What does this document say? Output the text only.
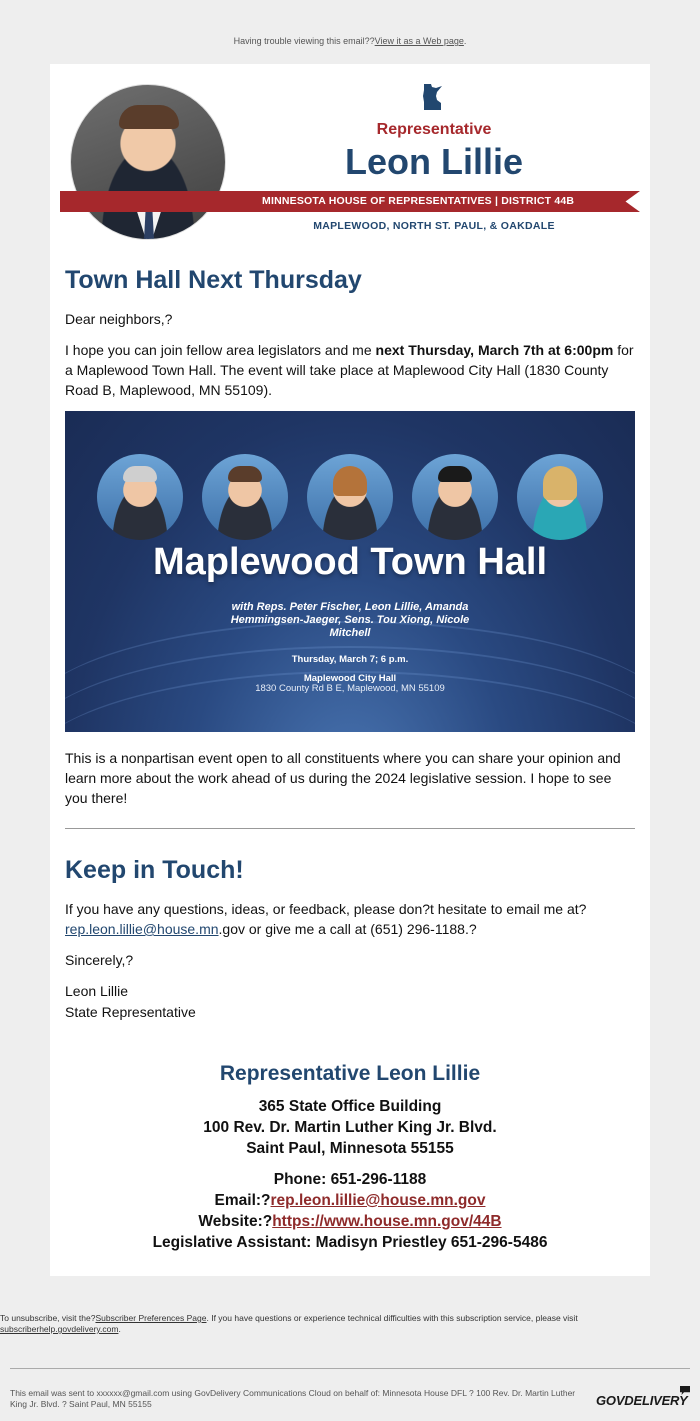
Having trouble viewing this email??View it as a Web page.
Representative
Leon Lillie
MINNESOTA HOUSE OF REPRESENTATIVES | DISTRICT 44B
MAPLEWOOD, NORTH ST. PAUL, & OAKDALE
Town Hall Next Thursday
Dear neighbors,?
I hope you can join fellow area legislators and me next Thursday, March 7th at 6:00pm for a Maplewood Town Hall. The event will take place at Maplewood City Hall (1830 County Road B, Maplewood, MN 55109).
Maplewood Town Hall
with Reps. Peter Fischer, Leon Lillie, Amanda Hemmingsen-Jaeger, Sens. Tou Xiong, Nicole Mitchell
Thursday, March 7; 6 p.m.
Maplewood City Hall
1830 County Rd B E, Maplewood, MN 55109
This is a nonpartisan event open to all constituents where you can share your opinion and learn more about the work ahead of us during the 2024 legislative session. I hope to see you there!
Keep in Touch!
If you have any questions, ideas, or feedback, please don?t hesitate to email me at?
rep.leon.lillie@house.mn.gov or give me a call at (651) 296-1188.?
Sincerely,?
Leon Lillie
State Representative
Representative Leon Lillie
365 State Office Building
100 Rev. Dr. Martin Luther King Jr. Blvd.
Saint Paul, Minnesota 55155
Phone: 651-296-1188
Email:?rep.leon.lillie@house.mn.gov
Website:?https://www.house.mn.gov/44B
Legislative Assistant: Madisyn Priestley 651-296-5486
To unsubscribe, visit the?Subscriber Preferences Page. If you have questions or experience technical difficulties with this subscription service, please visit subscriberhelp.govdelivery.com.
This email was sent to xxxxxx@gmail.com using GovDelivery Communications Cloud on behalf of: Minnesota House DFL ? 100 Rev. Dr. Martin Luther King Jr. Blvd. ? Saint Paul, MN 55155	GOVDELIVERY
